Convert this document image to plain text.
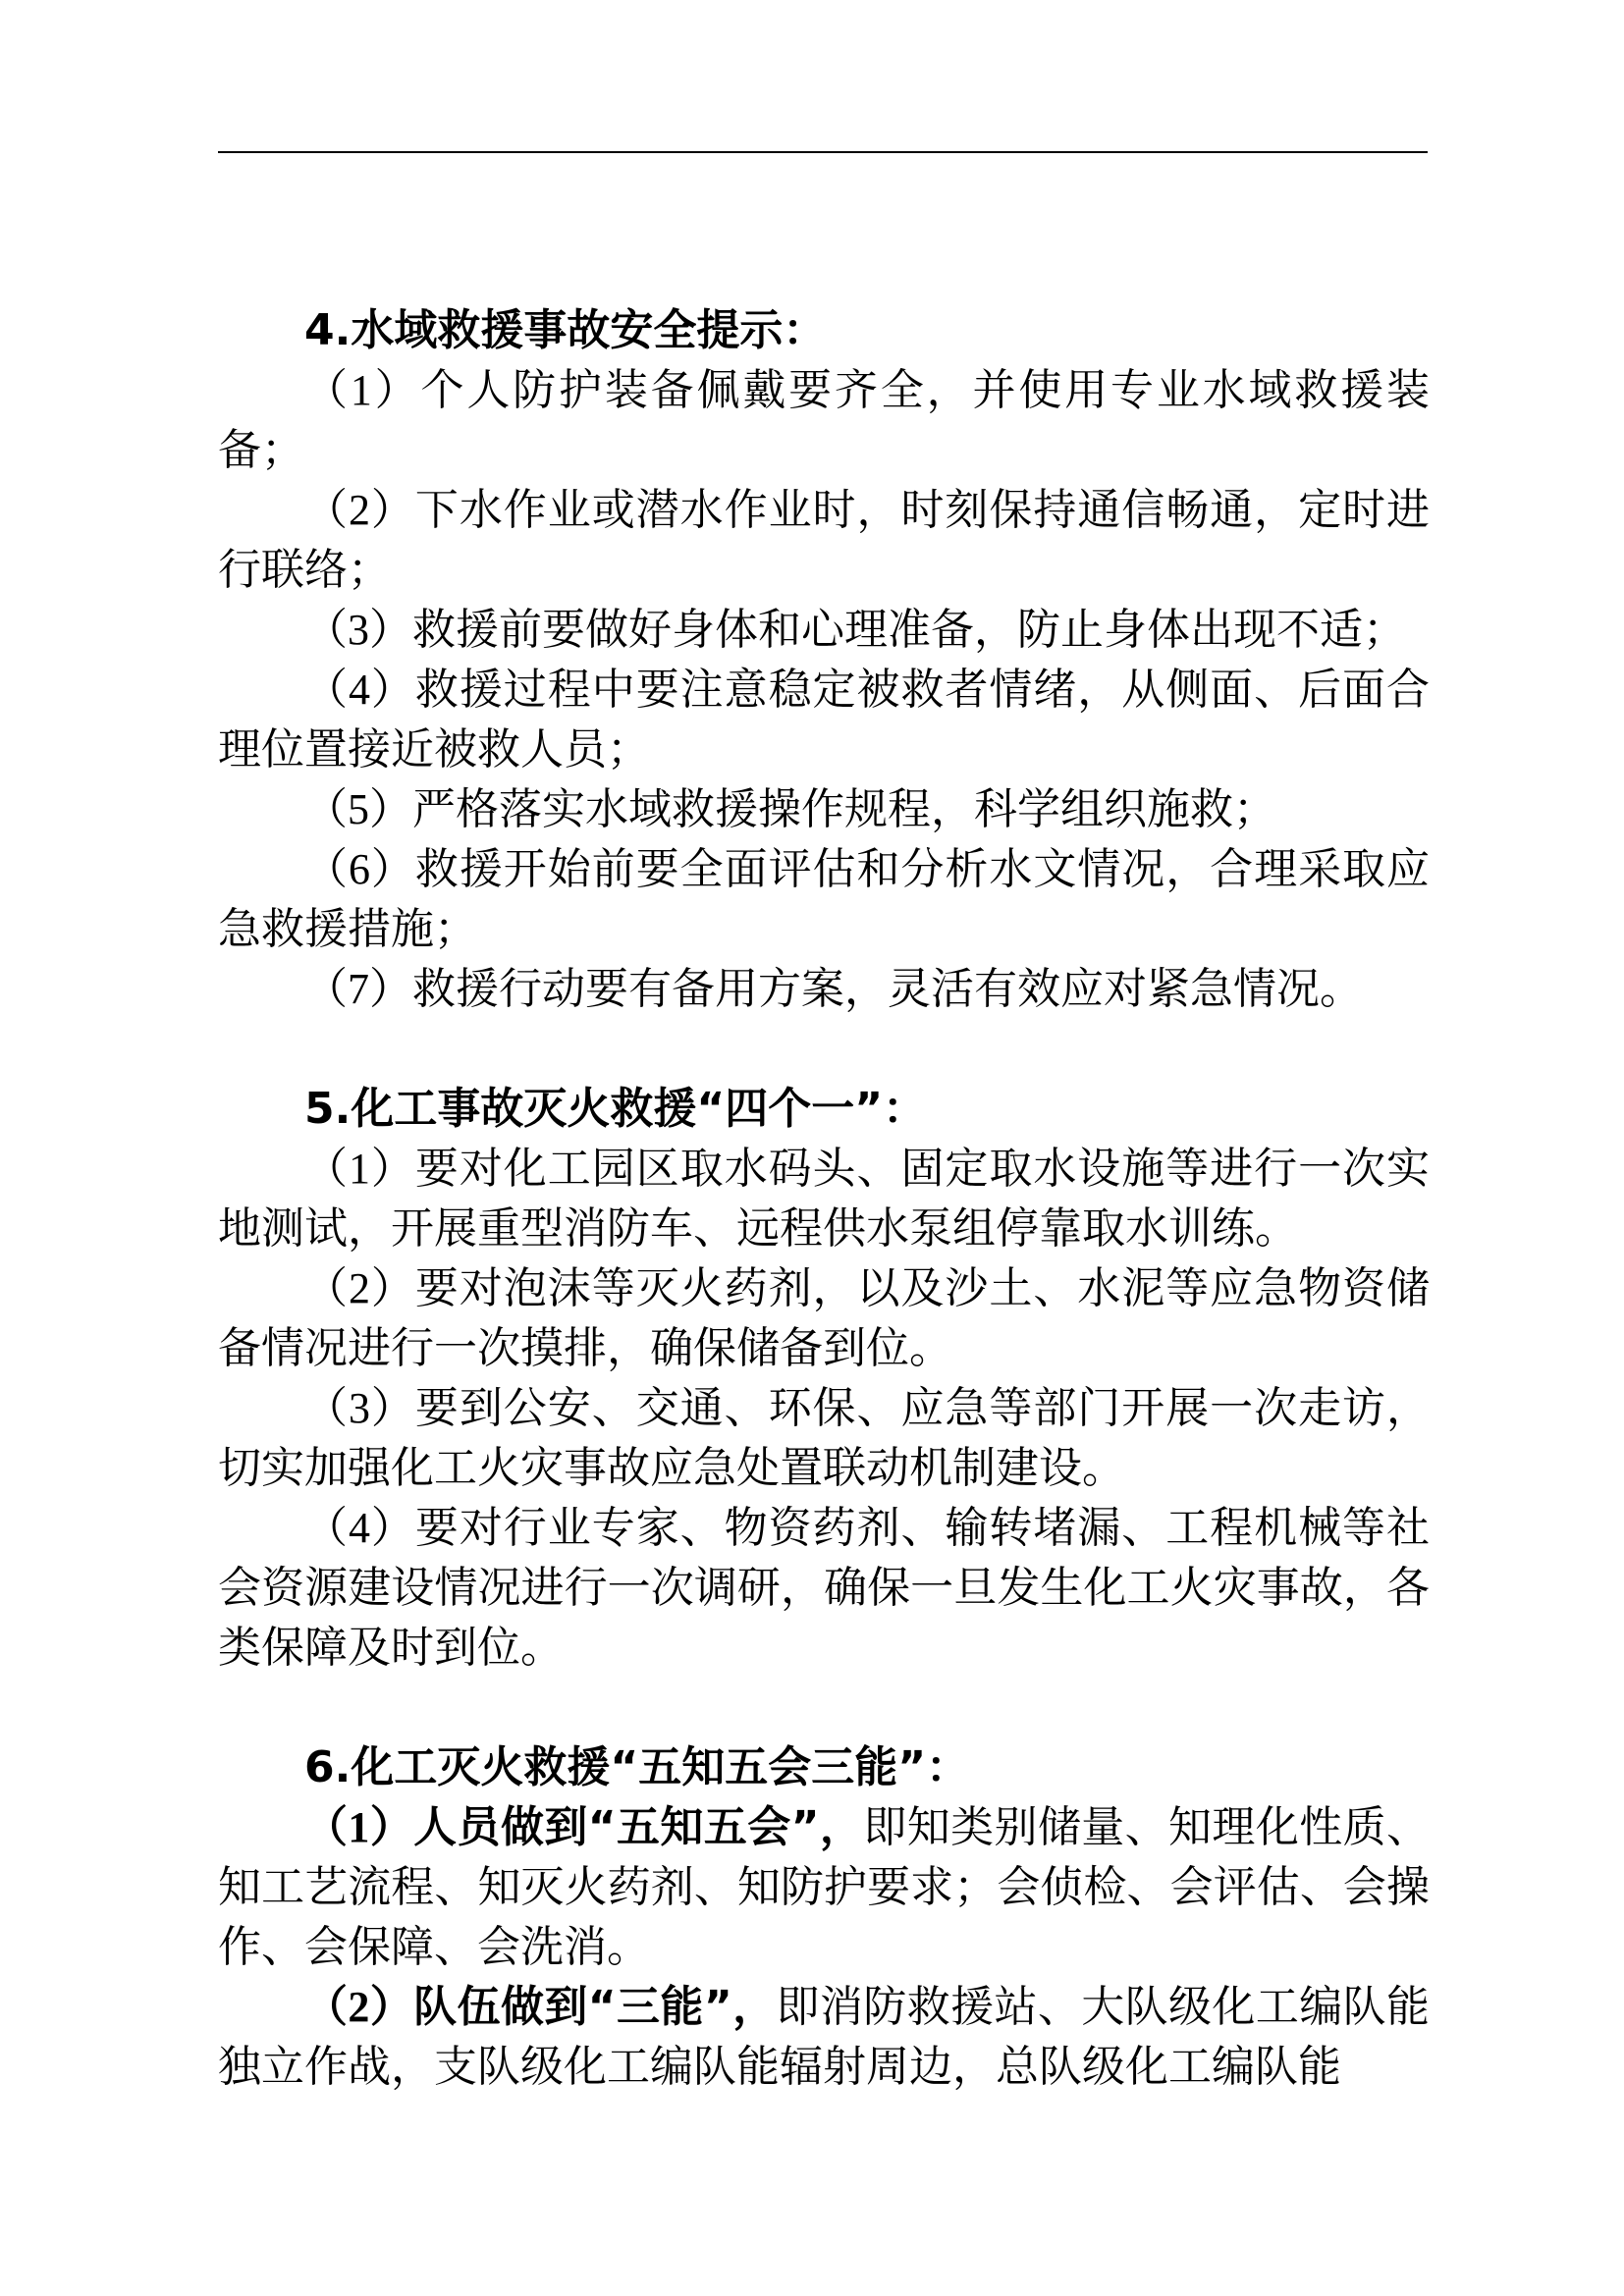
4.水域救援事故安全提示：

（1）个人防护装备佩戴要齐全，并使用专业水域救援装备；

（2）下水作业或潜水作业时，时刻保持通信畅通，定时进行联络；

（3）救援前要做好身体和心理准备，防止身体出现不适；

（4）救援过程中要注意稳定被救者情绪，从侧面、后面合理位置接近被救人员；

（5）严格落实水域救援操作规程，科学组织施救；

（6）救援开始前要全面评估和分析水文情况，合理采取应急救援措施；

（7）救援行动要有备用方案，灵活有效应对紧急情况。

5.化工事故灭火救援“四个一”：

（1）要对化工园区取水码头、固定取水设施等进行一次实地测试，开展重型消防车、远程供水泵组停靠取水训练。

（2）要对泡沫等灭火药剂，以及沙土、水泥等应急物资储备情况进行一次摸排，确保储备到位。

（3）要到公安、交通、环保、应急等部门开展一次走访，切实加强化工火灾事故应急处置联动机制建设。

（4）要对行业专家、物资药剂、输转堵漏、工程机械等社会资源建设情况进行一次调研，确保一旦发生化工火灾事故，各类保障及时到位。

6.化工灭火救援“五知五会三能”：

（1）人员做到“五知五会”，即知类别储量、知理化性质、知工艺流程、知灭火药剂、知防护要求；会侦检、会评估、会操作、会保障、会洗消。

（2）队伍做到“三能”，即消防救援站、大队级化工编队能独立作战，支队级化工编队能辐射周边，总队级化工编队能
